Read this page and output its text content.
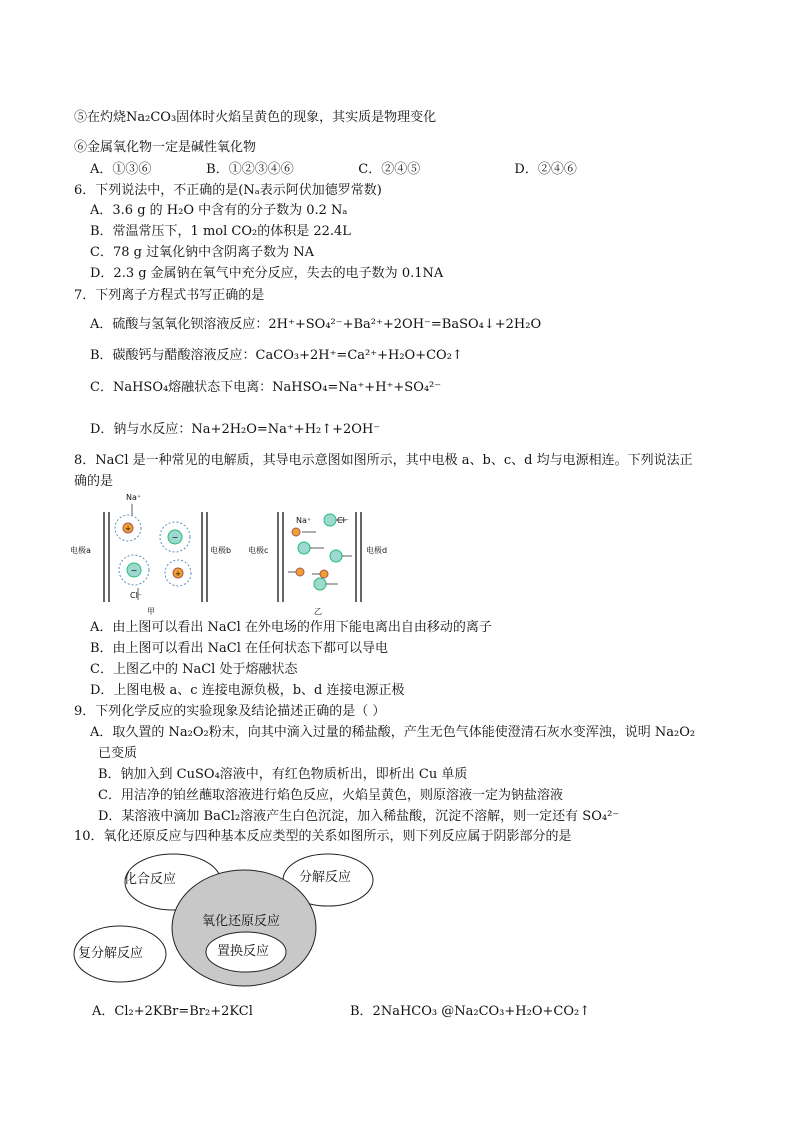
⑤在灼烧Na₂CO₃固体时火焰呈黄色的现象，其实质是物理变化
⑥金属氧化物一定是碱性氧化物
A．①③⑥	B．①②③④⑥	C．②④⑤	D．②④⑥
6．下列说法中，不正确的是(Nₐ表示阿伏加德罗常数)
A．3.6 g 的 H₂O 中含有的分子数为 0.2 Nₐ
B．常温常压下，1 mol CO₂的体积是 22.4L
C．78 g 过氧化钠中含阴离子数为 NA
D．2.3 g 金属钠在氧气中充分反应，失去的电子数为 0.1NA
7．下列离子方程式书写正确的是
A．硫酸与氢氧化钡溶液反应：2H⁺+SO₄²⁻+Ba²⁺+2OH⁻=BaSO₄↓+2H₂O
B．碳酸钙与醋酸溶液反应：CaCO₃+2H⁺=Ca²⁺+H₂O+CO₂↑
C．NaHSO₄熔融状态下电离：NaHSO₄=Na⁺+H⁺+SO₄²⁻
D．钠与水反应：Na+2H₂O=Na⁺+H₂↑+2OH⁻
8．NaCl 是一种常见的电解质，其导电示意图如图所示，其中电极 a、b、c、d 均与电源相连。下列说法正
确的是
+
−
−	+
Na⁺
Cl⁻
电极a	电极b 电极c	电极d
Na⁺	Cl⁻
甲	乙
A．由上图可以看出 NaCl 在外电场的作用下能电离出自由移动的离子
B．由上图可以看出 NaCl 在任何状态下都可以导电
C．上图乙中的 NaCl 处于熔融状态
D．上图电极 a、c 连接电源负极，b、d 连接电源正极
9．下列化学反应的实验现象及结论描述正确的是（ ）
A．取久置的 Na₂O₂粉末，向其中滴入过量的稀盐酸，产生无色气体能使澄清石灰水变浑浊，说明 Na₂O₂
已变质
B．钠加入到 CuSO₄溶液中，有红色物质析出，即析出 Cu 单质
C．用洁净的铂丝蘸取溶液进行焰色反应，火焰呈黄色，则原溶液一定为钠盐溶液
D．某溶液中滴加 BaCl₂溶液产生白色沉淀，加入稀盐酸，沉淀不溶解，则一定还有 SO₄²⁻
10．氧化还原反应与四种基本反应类型的关系如图所示，则下列反应属于阴影部分的是
化合反应	分解反应
氧化还原反应
置换反应
复分解反应
A．Cl₂+2KBr=Br₂+2KCl	B．2NaHCO₃ @Na₂CO₃+H₂O+CO₂↑
